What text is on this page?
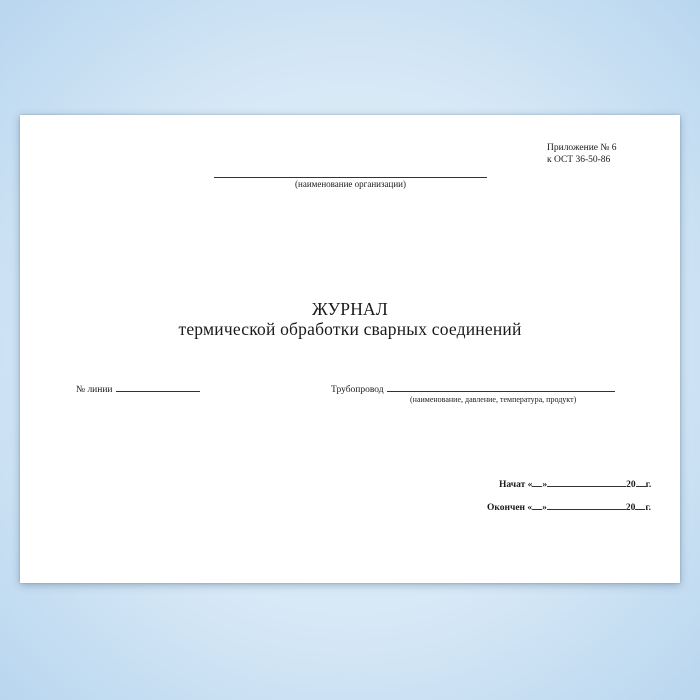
Приложение № 6
к ОСТ 36-50-86
(наименование организации)
ЖУРНАЛ
термической обработки сварных соединений
№ линии	Трубопровод
(наименование, давление, температура, продукт)
Начат « »	20 г.
Окончен « »	20 г.
